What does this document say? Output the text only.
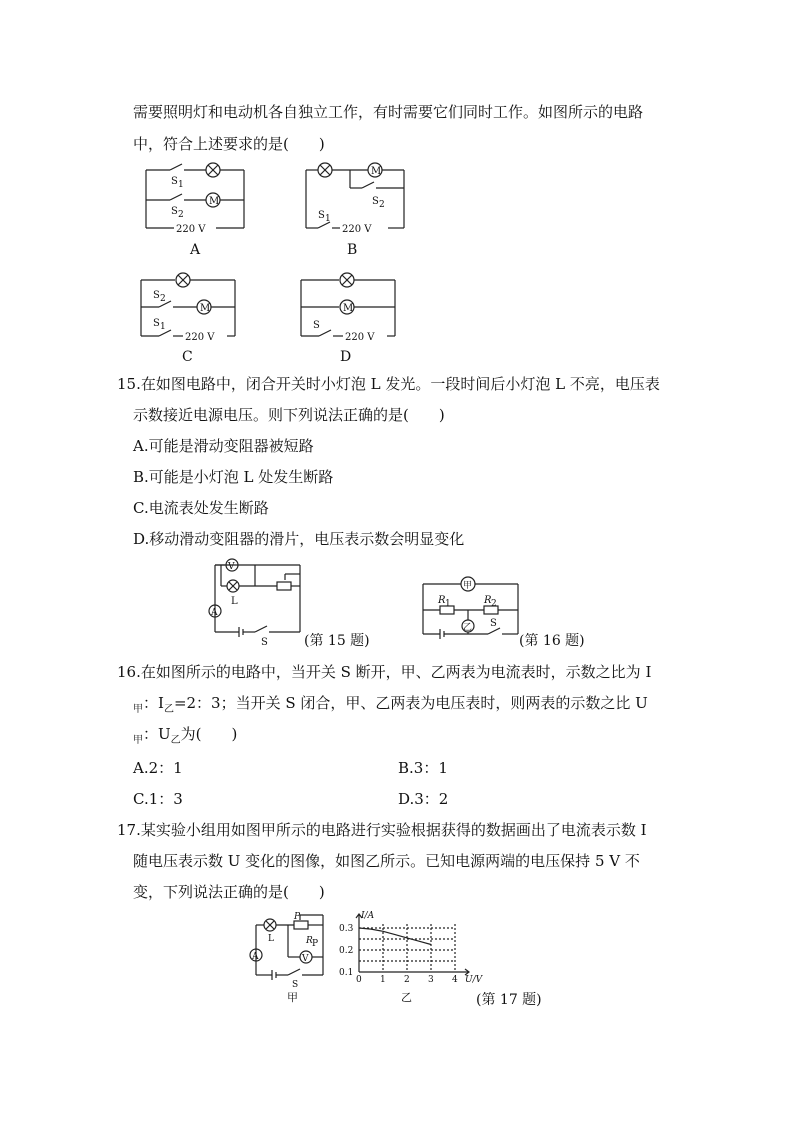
需要照明灯和电动机各自独立工作，有时需要它们同时工作。如图所示的电路
中，符合上述要求的是(　　)
S 1
M
S 2
220 V
A
M
S 1
S 2
220 V
B
M
S 2
S 1
220 V
C
M
S
220 V
D
15.在如图电路中，闭合开关时小灯泡 L 发光。一段时间后小灯泡 L 不亮，电压表
示数接近电源电压。则下列说法正确的是(　　)
A.可能是滑动变阻器被短路
B.可能是小灯泡 L 处发生断路
C.电流表处发生断路
D.移动滑动变阻器的滑片，电压表示数会明显变化
V
A
L
S	(第 15 题)
甲
乙
R 1	R 2
S
(第 16 题)
16.在如图所示的电路中，当开关 S 断开，甲、乙两表为电流表时，示数之比为 I
$_甲$：$I_乙=2$：3；当开关 S 闭合，甲、乙两表为电压表时，则两表的示数之比 U
$_甲$：$U_乙$为(　　)
A.2：1	B.3：1
C.1：3	D.3：2
17.某实验小组用如图甲所示的电路进行实验根据获得的数据画出了电流表示数 I
随电压表示数 U 变化的图像，如图乙所示。已知电源两端的电压保持 5 V 不
变，下列说法正确的是(　　)
A	V
L
P
R P
S
甲
0 1 2 3 4
0.1
0.2
0.3
I/A
U/V
乙	(第 17 题)
